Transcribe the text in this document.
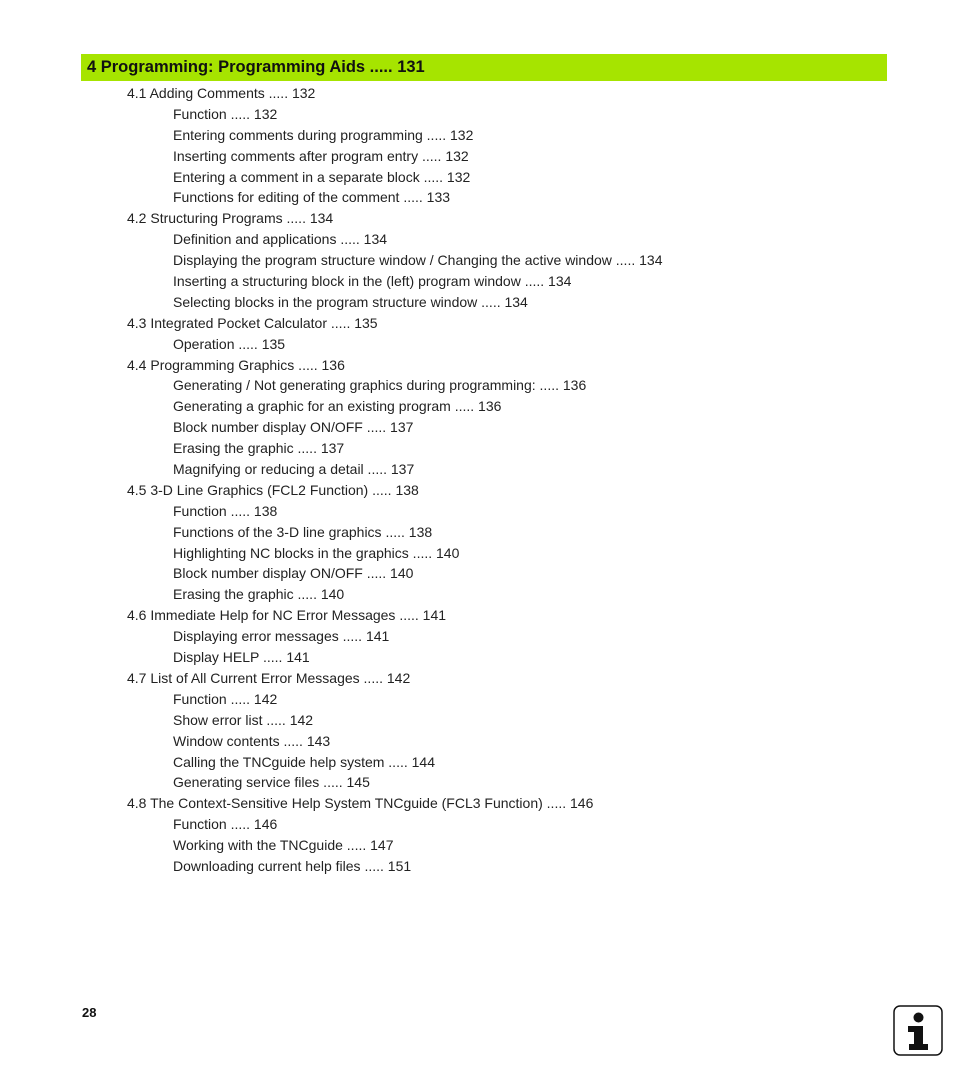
4 Programming: Programming Aids ..... 131
4.1 Adding Comments ..... 132
Function ..... 132
Entering comments during programming ..... 132
Inserting comments after program entry ..... 132
Entering a comment in a separate block ..... 132
Functions for editing of the comment ..... 133
4.2 Structuring Programs ..... 134
Definition and applications ..... 134
Displaying the program structure window / Changing the active window ..... 134
Inserting a structuring block in the (left) program window ..... 134
Selecting blocks in the program structure window ..... 134
4.3 Integrated Pocket Calculator ..... 135
Operation ..... 135
4.4 Programming Graphics ..... 136
Generating / Not generating graphics during programming: ..... 136
Generating a graphic for an existing program ..... 136
Block number display ON/OFF ..... 137
Erasing the graphic ..... 137
Magnifying or reducing a detail ..... 137
4.5 3-D Line Graphics (FCL2 Function) ..... 138
Function ..... 138
Functions of the 3-D line graphics ..... 138
Highlighting NC blocks in the graphics ..... 140
Block number display ON/OFF ..... 140
Erasing the graphic ..... 140
4.6 Immediate Help for NC Error Messages ..... 141
Displaying error messages ..... 141
Display HELP ..... 141
4.7 List of All Current Error Messages ..... 142
Function ..... 142
Show error list ..... 142
Window contents ..... 143
Calling the TNCguide help system ..... 144
Generating service files ..... 145
4.8 The Context-Sensitive Help System TNCguide (FCL3 Function) ..... 146
Function ..... 146
Working with the TNCguide ..... 147
Downloading current help files ..... 151
28
